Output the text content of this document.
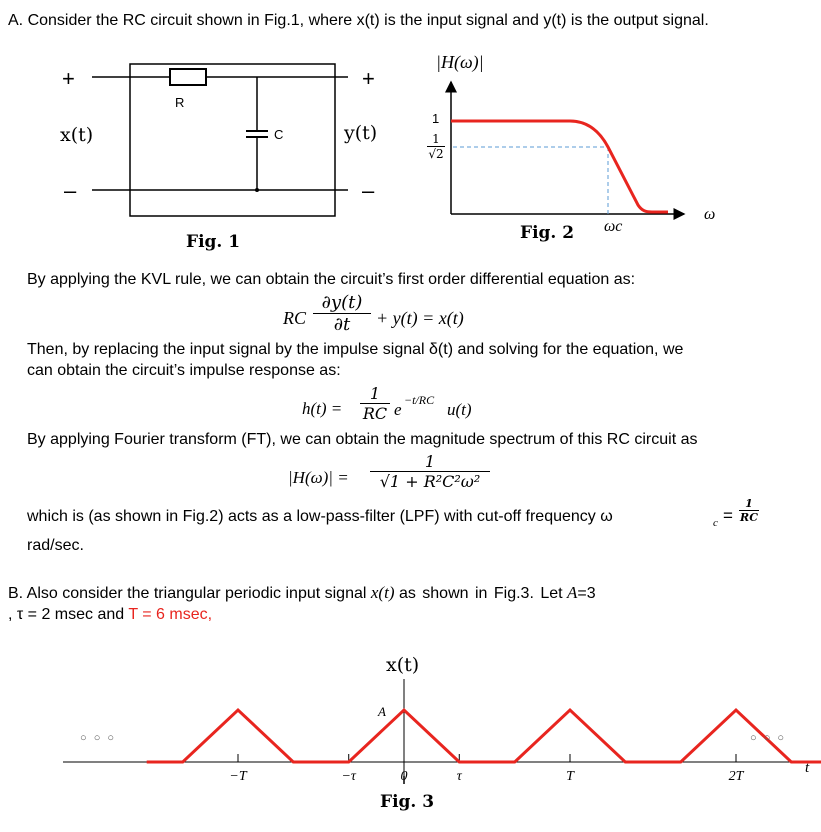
A. Consider the RC circuit shown in Fig.1, where x(t) is the input signal and y(t) is the output signal.
+
–
+
–
x(t)	y(t)
R
C
Fig. 1
|H(ω)|
1
$\frac{1}{√2}$
ωc
ω
Fig. 2
By applying the KVL rule, we can obtain the circuit’s first order differential equation as:
RC $\frac{\partial y(t)}{\partial t} + y(t) = x(t)$
Then, by replacing the input signal by the impulse signal δ(t) and solving for the equation, we
can obtain the circuit’s impulse response as:
$h(t) = \frac{1}{RC}$ e −t/RC u(t)
By applying Fourier transform (FT), we can obtain the magnitude spectrum of this RC circuit as
$|H(\omega)| = \frac{1}{\text{√1 + R²C²ω²}}$
which is (as shown in Fig.2) acts as a low-pass-filter (LPF) with cut-off frequency ω	$c = \frac{1}{RC}$
rad/sec.
B. Also consider the triangular periodic input signal x(t) as shown in Fig.3. Let A=3
, τ = 2 msec and T = 6 msec,
−T	−τ	0	τ	T	2T
x(t)
A
○ ○ ○	○ ○ ○
t
Fig. 3
